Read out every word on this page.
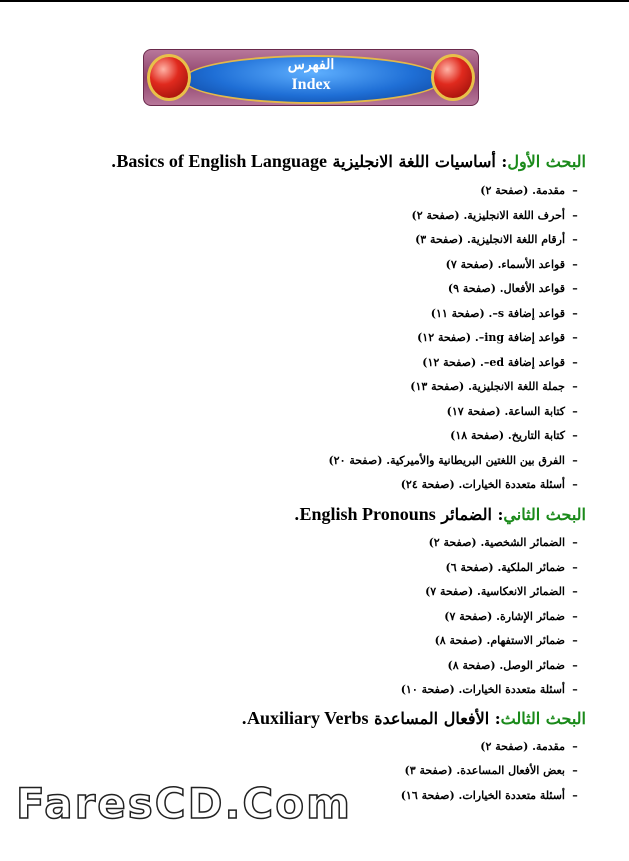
الفهرس
Index
البحث الأول: أساسيات اللغة الانجليزية Basics of English Language.
–مقدمة. (صفحة ٢)
–أحرف اللغة الانجليزية. (صفحة ٢)
–أرقام اللغة الانجليزية. (صفحة ٣)
–قواعد الأسماء. (صفحة ٧)
–قواعد الأفعال. (صفحة ٩)
–قواعد إضافة s–. (صفحة ١١)
–قواعد إضافة ing–. (صفحة ١٢)
–قواعد إضافة ed–. (صفحة ١٢)
–جملة اللغة الانجليزية. (صفحة ١٣)
–كتابة الساعة. (صفحة ١٧)
–كتابة التاريخ. (صفحة ١٨)
–الفرق بين اللغتين البريطانية والأميركية. (صفحة ٢٠)
–أسئلة متعددة الخيارات. (صفحة ٢٤)
البحث الثاني: الضمائر English Pronouns.
–الضمائر الشخصية. (صفحة ٢)
–ضمائر الملكية. (صفحة ٦)
–الضمائر الانعكاسية. (صفحة ٧)
–ضمائر الإشارة. (صفحة ٧)
–ضمائر الاستفهام. (صفحة ٨)
–ضمائر الوصل. (صفحة ٨)
–أسئلة متعددة الخيارات. (صفحة ١٠)
البحث الثالث: الأفعال المساعدة Auxiliary Verbs.
–مقدمة. (صفحة ٢)
–بعض الأفعال المساعدة. (صفحة ٣)
–أسئلة متعددة الخيارات. (صفحة ١٦)
FaresCD.Com
